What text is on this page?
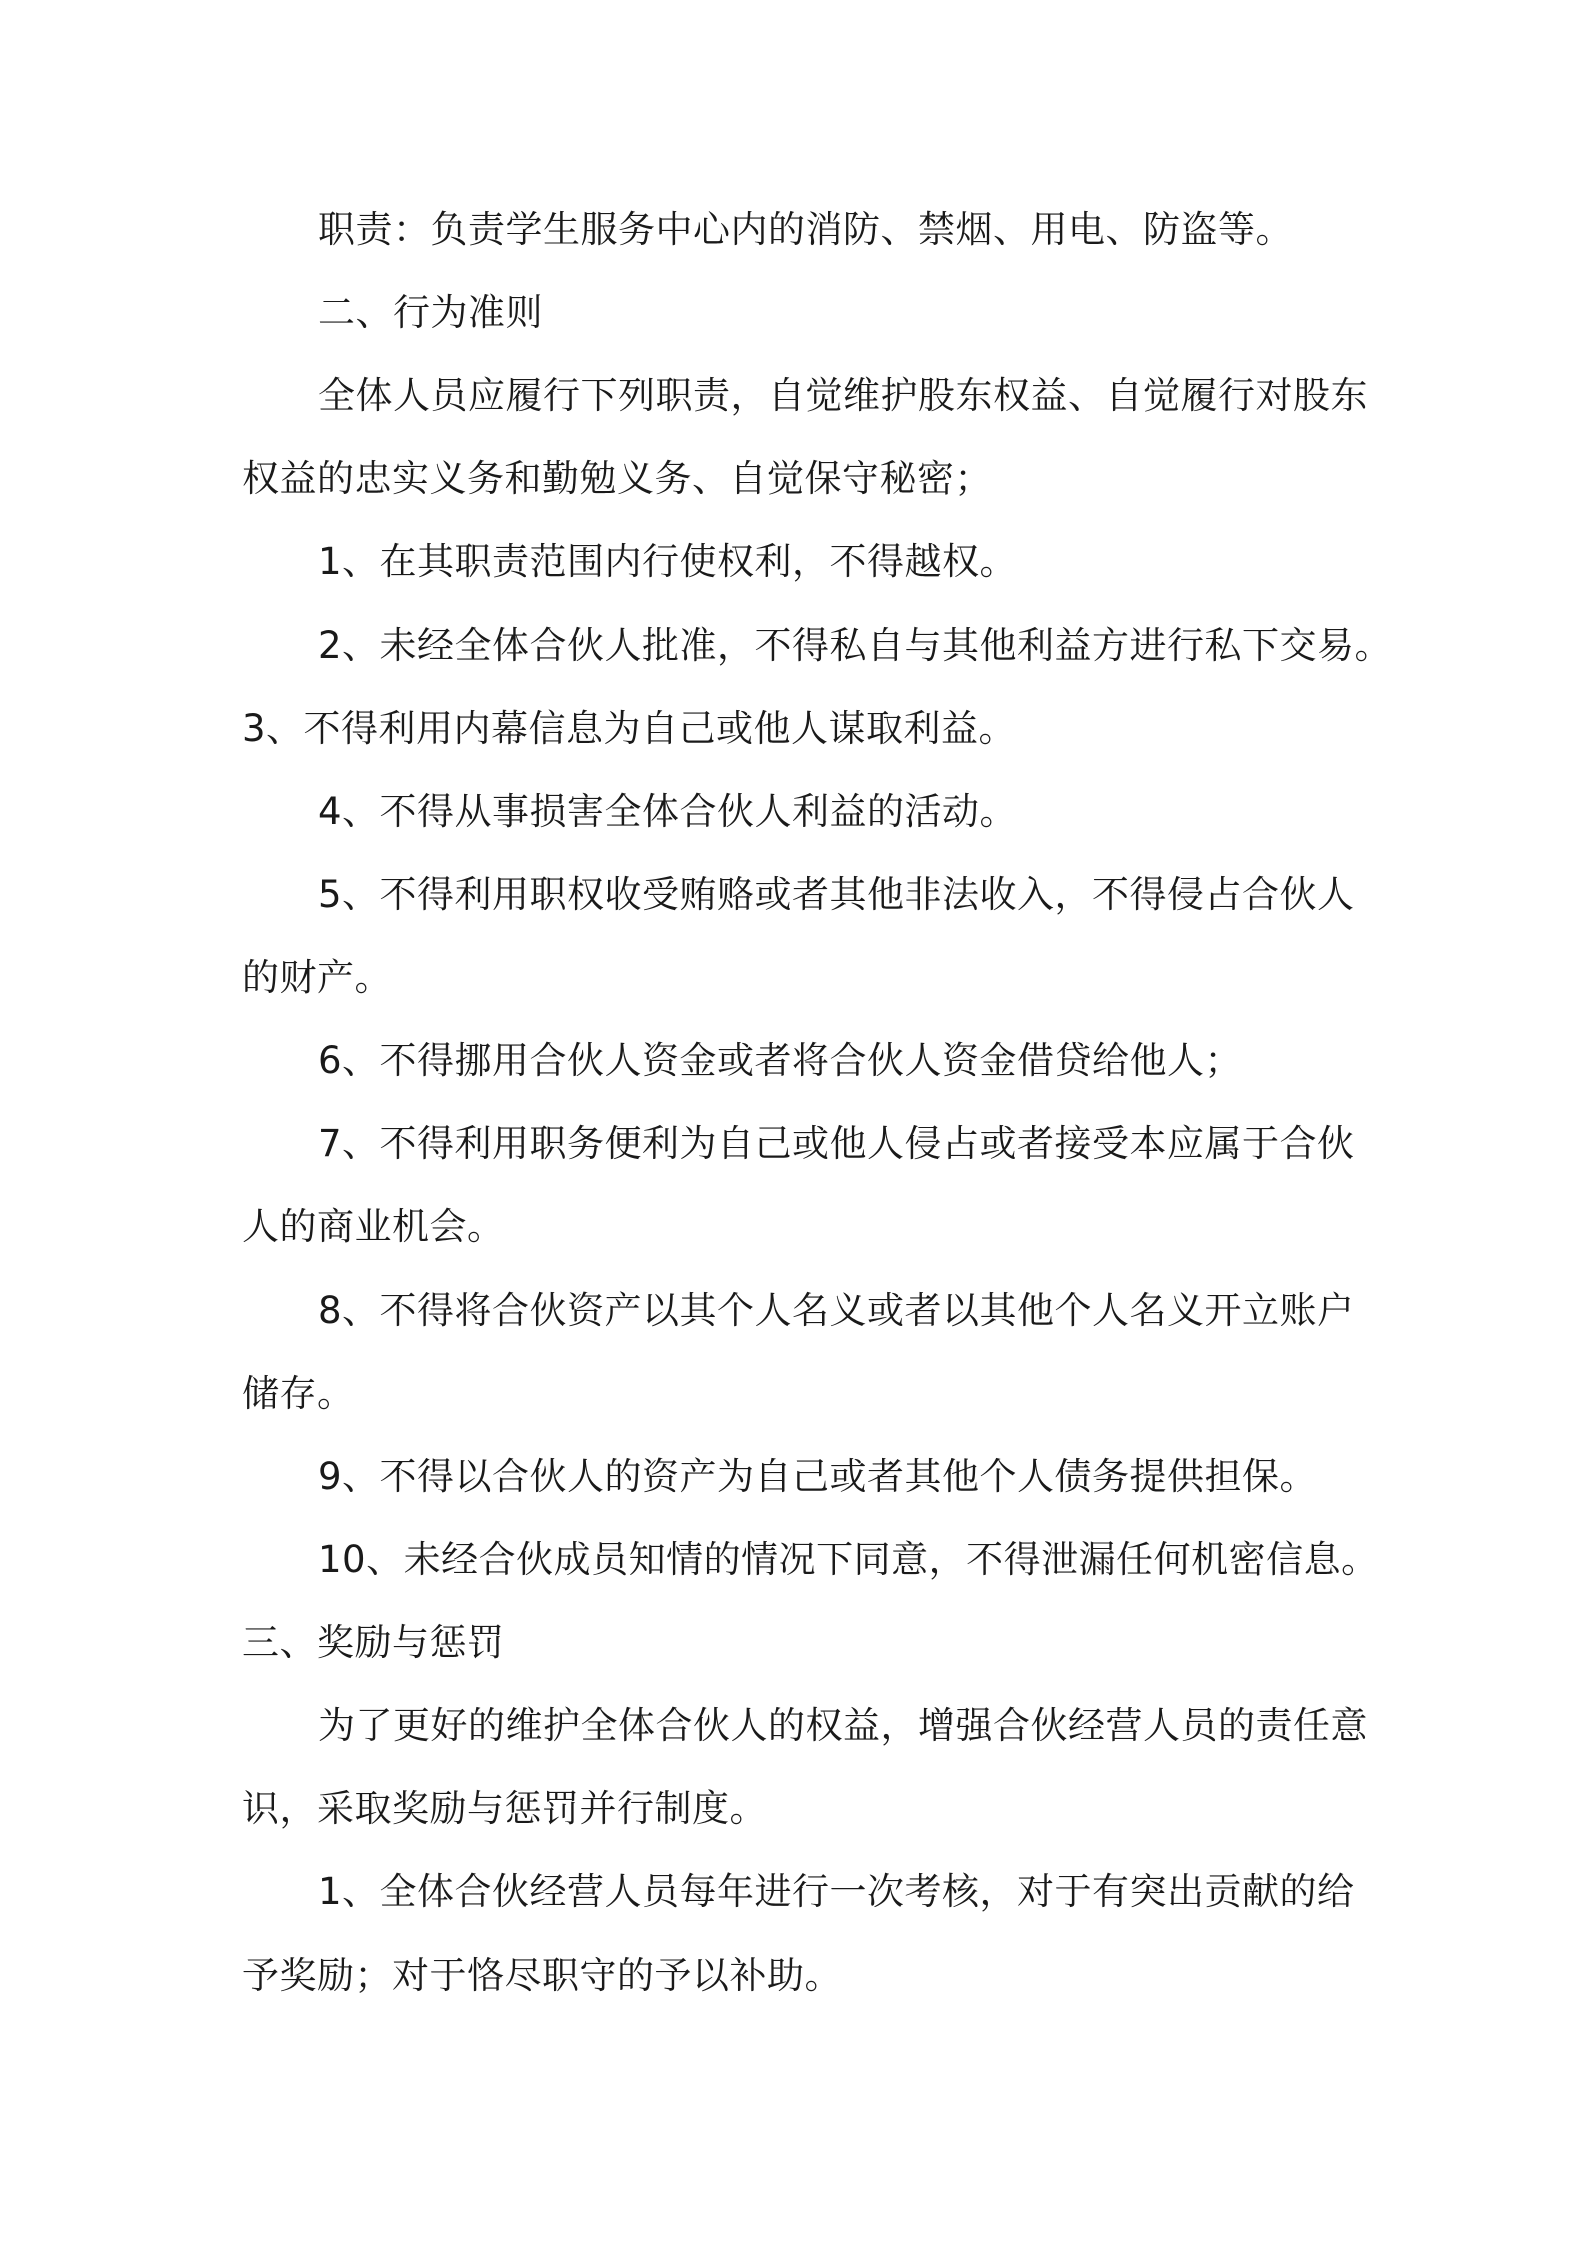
职责：负责学生服务中心内的消防、禁烟、用电、防盗等。
二、行为准则
全体人员应履行下列职责，自觉维护股东权益、自觉履行对股东
权益的忠实义务和勤勉义务、自觉保守秘密；
1、在其职责范围内行使权利，不得越权。
2、未经全体合伙人批准，不得私自与其他利益方进行私下交易。
3、不得利用内幕信息为自己或他人谋取利益。
4、不得从事损害全体合伙人利益的活动。
5、不得利用职权收受贿赂或者其他非法收入，不得侵占合伙人
的财产。
6、不得挪用合伙人资金或者将合伙人资金借贷给他人；
7、不得利用职务便利为自己或他人侵占或者接受本应属于合伙
人的商业机会。
8、不得将合伙资产以其个人名义或者以其他个人名义开立账户
储存。
9、不得以合伙人的资产为自己或者其他个人债务提供担保。
10、未经合伙成员知情的情况下同意，不得泄漏任何机密信息。
三、奖励与惩罚
为了更好的维护全体合伙人的权益，增强合伙经营人员的责任意
识，采取奖励与惩罚并行制度。
1、全体合伙经营人员每年进行一次考核，对于有突出贡献的给
予奖励；对于恪尽职守的予以补助。
